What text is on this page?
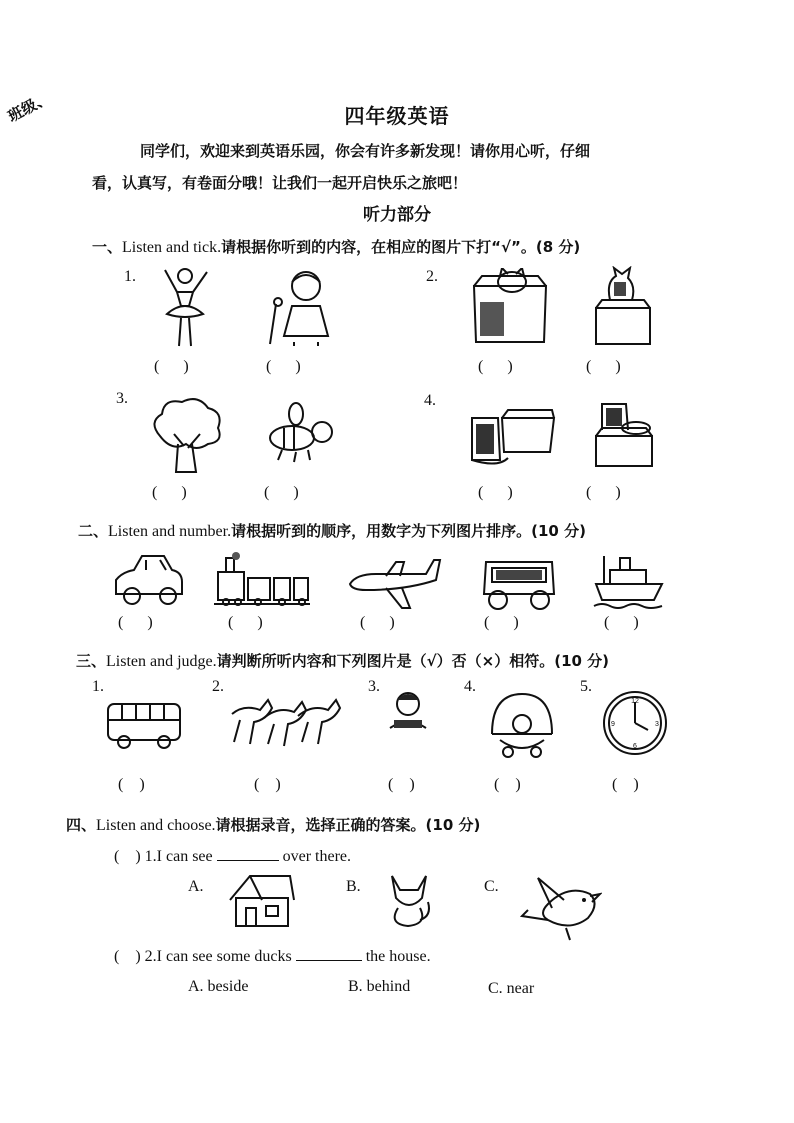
班级、	四年级英语
同学们，欢迎来到英语乐园，你会有许多新发现！请你用心听，仔细
看，认真写，有卷面分哦！让我们一起开启快乐之旅吧！
听力部分
一、Listen and tick.请根据你听到的内容，在相应的图片下打“√”。(8 分)
1.	2.
3.	4.
(      )	(      )	(      )	(      )
(      )	(      )	(      )	(      )
二、Listen and number.请根据听到的顺序，用数字为下列图片排序。(10 分)
(      )	(      )	(      )	(      )	(      )
三、Listen and judge.请判断所听内容和下列图片是（√）否（×）相符。(10 分)
1.	2.	3.	4.	5.
12
3
6
9
(    )	(    )	(    )	(    )	(    )
四、Listen and choose.请根据录音，选择正确的答案。(10 分)
(    ) 1.I can see	over there.
A.	B.	C.
(    ) 2.I can see some ducks	the house.
A. beside	B. behind	C. near
